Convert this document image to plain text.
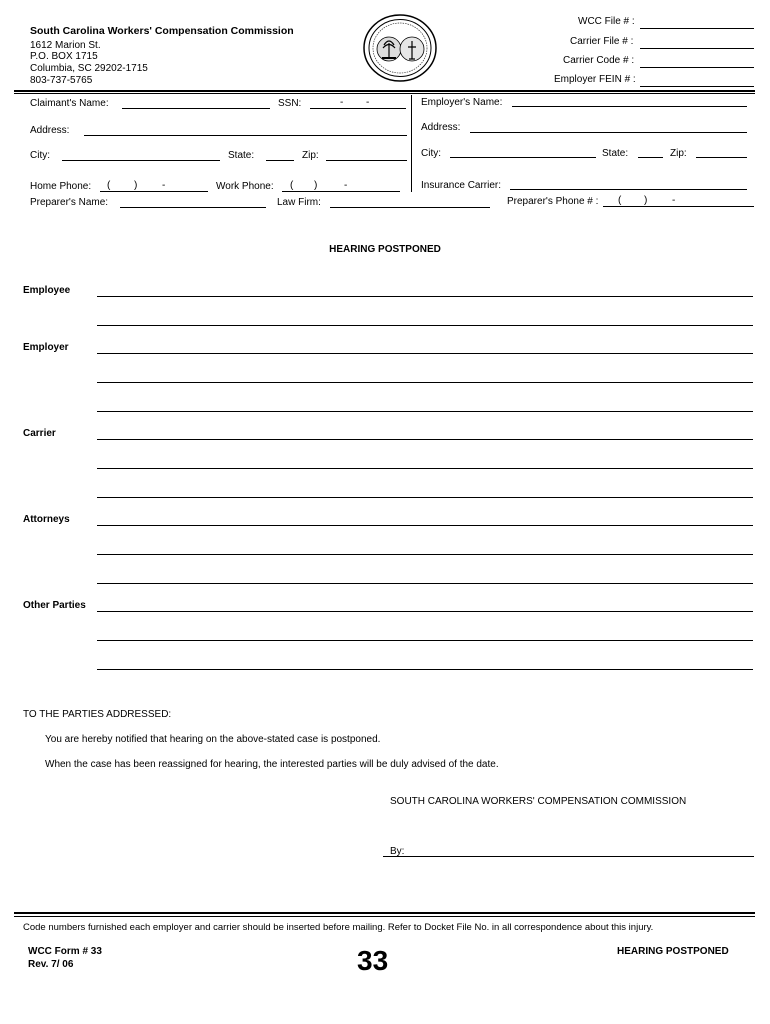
South Carolina Workers' Compensation Commission
1612 Marion St.
P.O. BOX 1715
Columbia, SC 29202-1715
803-737-5765
WCC File # :
Carrier File # :
Carrier Code # :
Employer FEIN # :
Claimant's Name:	SSN:	- -
Address:
City:	State:	Zip:
Home Phone: ( ) -	Work Phone: ( )	-
Preparer's Name:	Law Firm:
Employer's Name:
Address:
City:	State:	Zip:
Insurance Carrier:
Preparer's Phone # : ( ) -
HEARING POSTPONED
Employee
Employer
Carrier
Attorneys
Other Parties
TO THE PARTIES ADDRESSED:
You are hereby notified that hearing on the above-stated case is postponed.
When the case has been reassigned for hearing, the interested parties will be duly advised of the date.
SOUTH CAROLINA WORKERS' COMPENSATION COMMISSION
By:
Code numbers furnished each employer and carrier should be inserted before mailing. Refer to Docket File No. in all correspondence about this injury.
WCC Form # 33
Rev. 7/ 06	33	HEARING POSTPONED
